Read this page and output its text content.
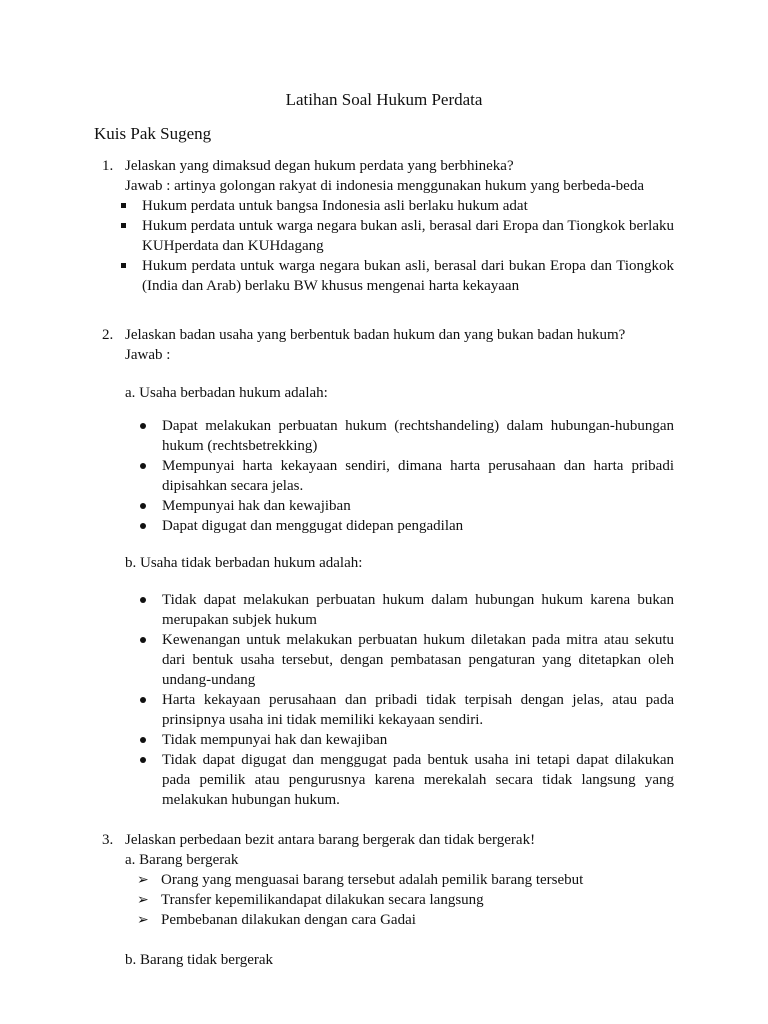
Latihan Soal Hukum Perdata
Kuis Pak Sugeng
1. Jelaskan yang dimaksud degan hukum perdata yang berbhineka?
Jawab : artinya golongan rakyat di indonesia menggunakan hukum yang berbeda-beda
Hukum perdata untuk bangsa Indonesia asli berlaku hukum adat
Hukum perdata untuk warga negara bukan asli, berasal dari Eropa dan Tiongkok berlaku KUHperdata dan KUHdagang
Hukum perdata untuk warga negara bukan asli, berasal dari bukan Eropa dan Tiongkok (India dan Arab) berlaku BW khusus mengenai harta kekayaan
2. Jelaskan badan usaha yang berbentuk badan hukum dan yang bukan badan hukum?
Jawab :
a. Usaha berbadan hukum adalah:
Dapat melakukan perbuatan hukum (rechtshandeling) dalam hubungan-hubungan hukum (rechtsbetrekking)
Mempunyai harta kekayaan sendiri, dimana harta perusahaan dan harta pribadi dipisahkan secara jelas.
Mempunyai hak dan kewajiban
Dapat digugat dan menggugat didepan pengadilan
b. Usaha tidak berbadan hukum adalah:
Tidak dapat melakukan perbuatan hukum dalam hubungan hukum karena bukan merupakan subjek hukum
Kewenangan untuk melakukan perbuatan hukum diletakan pada mitra atau sekutu dari bentuk usaha tersebut, dengan pembatasan pengaturan yang ditetapkan oleh undang-undang
Harta kekayaan perusahaan dan pribadi tidak terpisah dengan jelas, atau pada prinsipnya usaha ini tidak memiliki kekayaan sendiri.
Tidak mempunyai hak dan kewajiban
Tidak dapat digugat dan menggugat pada bentuk usaha ini tetapi dapat dilakukan pada pemilik atau pengurusnya karena merekalah secara tidak langsung yang melakukan hubungan hukum.
3. Jelaskan perbedaan bezit antara barang bergerak dan tidak bergerak!
a. Barang bergerak
➢ Orang yang menguasai barang tersebut adalah pemilik barang tersebut
➢ Transfer kepemilikandapat dilakukan secara langsung
➢ Pembebanan dilakukan dengan cara Gadai
b. Barang tidak bergerak
